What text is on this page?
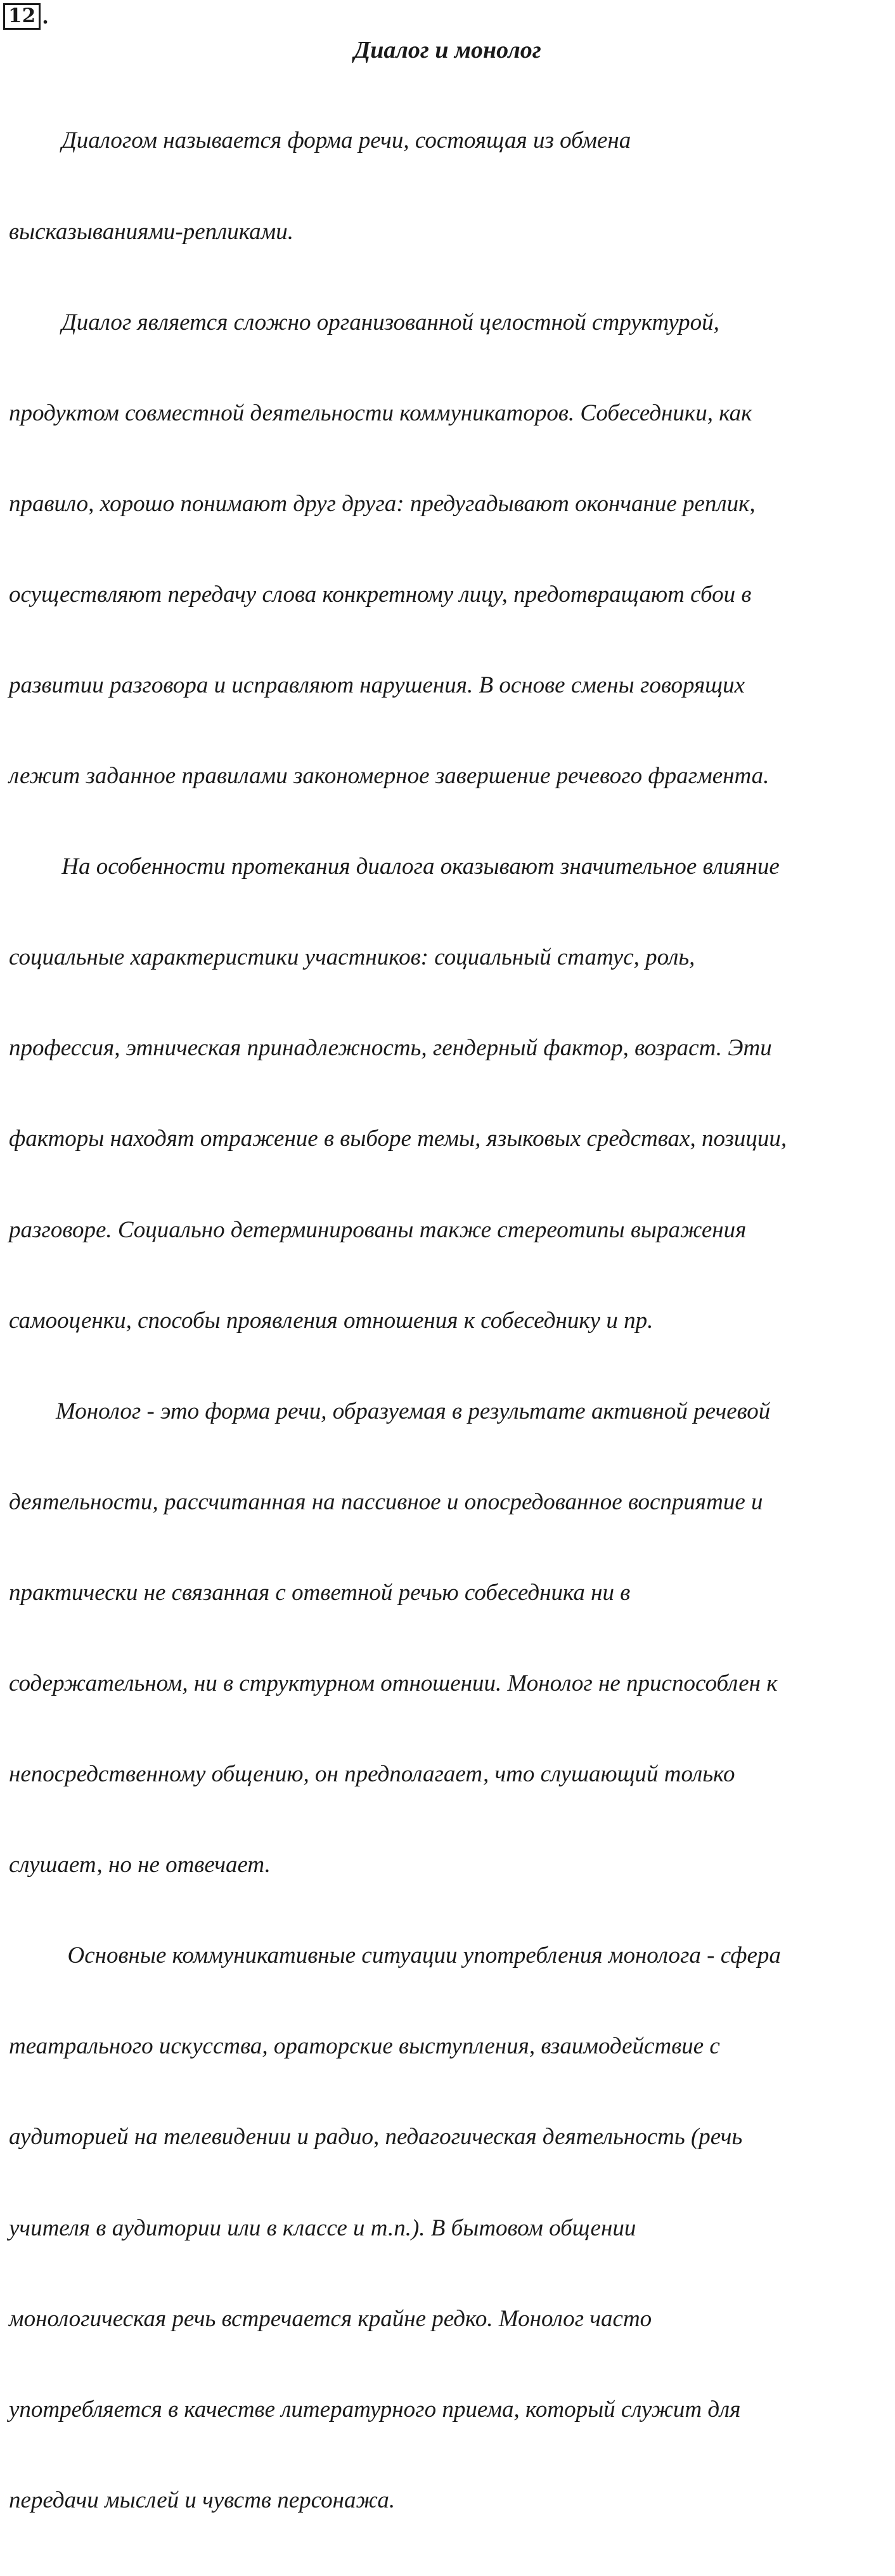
12 .
Диалог и монолог

Диалогом называется форма речи, состоящая из обмена

высказываниями-репликами.

Диалог является сложно организованной целостной структурой,

продуктом совместной деятельности коммуникаторов. Собеседники, как

правило, хорошо понимают друг друга: предугадывают окончание реплик,

осуществляют передачу слова конкретному лицу, предотвращают сбои в

развитии разговора и исправляют нарушения. В основе смены говорящих

лежит заданное правилами закономерное завершение речевого фрагмента.

На особенности протекания диалога оказывают значительное влияние

социальные характеристики участников: социальный статус, роль,

профессия, этническая принадлежность, гендерный фактор, возраст. Эти

факторы находят отражение в выборе темы, языковых средствах, позиции,

разговоре. Социально детерминированы также стереотипы выражения

самооценки, способы проявления отношения к собеседнику и пр.

Монолог - это форма речи, образуемая в результате активной речевой

деятельности, рассчитанная на пассивное и опосредованное восприятие и

практически не связанная с ответной речью собеседника ни в

содержательном, ни в структурном отношении. Монолог не приспособлен к

непосредственному общению, он предполагает, что слушающий только

слушает, но не отвечает.

Основные коммуникативные ситуации употребления монолога - сфера

театрального искусства, ораторские выступления, взаимодействие с

аудиторией на телевидении и радио, педагогическая деятельность (речь

учителя в аудитории или в классе и т.п.). В бытовом общении

монологическая речь встречается крайне редко. Монолог часто

употребляется в качестве литературного приема, который служит для

передачи мыслей и чувств персонажа.
